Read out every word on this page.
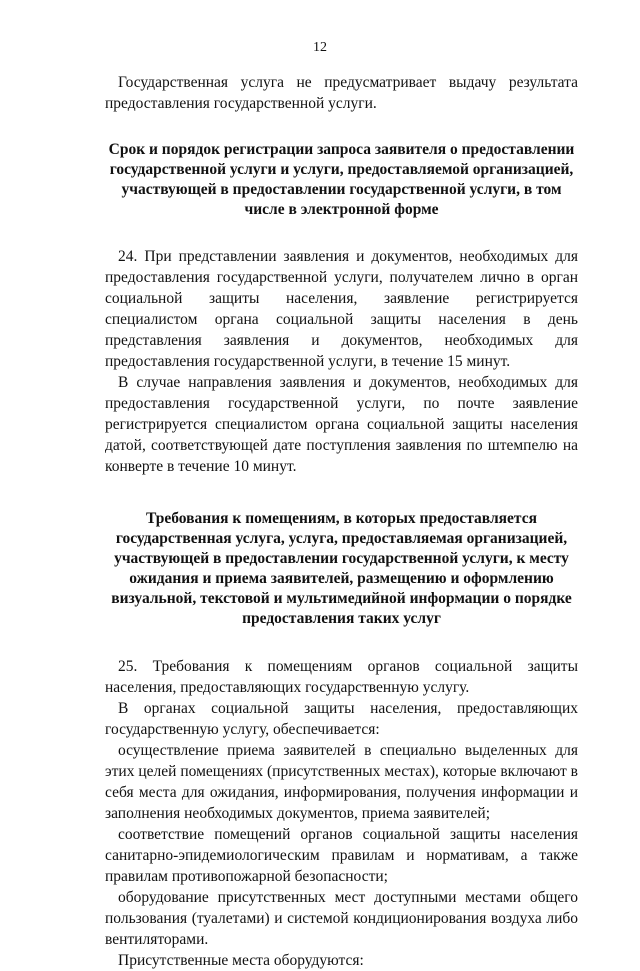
12

Государственная услуга не предусматривает выдачу результата предоставления государственной услуги.

Срок и порядок регистрации запроса заявителя о предоставлении государственной услуги и услуги, предоставляемой организацией, участвующей в предоставлении государственной услуги, в том числе в электронной форме

24. При представлении заявления и документов, необходимых для предоставления государственной услуги, получателем лично в орган социальной защиты населения, заявление регистрируется специалистом органа социальной защиты населения в день представления заявления и документов, необходимых для предоставления государственной услуги, в течение 15 минут.

В случае направления заявления и документов, необходимых для предоставления государственной услуги, по почте заявление регистрируется специалистом органа социальной защиты населения датой, соответствующей дате поступления заявления по штемпелю на конверте в течение 10 минут.

Требования к помещениям, в которых предоставляется государственная услуга, услуга, предоставляемая организацией, участвующей в предоставлении государственной услуги, к месту ожидания и приема заявителей, размещению и оформлению визуальной, текстовой и мультимедийной информации о порядке предоставления таких услуг

25. Требования к помещениям органов социальной защиты населения, предоставляющих государственную услугу.

В органах социальной защиты населения, предоставляющих государственную услугу, обеспечивается:

осуществление приема заявителей в специально выделенных для этих целей помещениях (присутственных местах), которые включают в себя места для ожидания, информирования, получения информации и заполнения необходимых документов, приема заявителей;

соответствие помещений органов социальной защиты населения санитарно-эпидемиологическим правилам и нормативам, а также правилам противопожарной безопасности;

оборудование присутственных мест доступными местами общего пользования (туалетами) и системой кондиционирования воздуха либо вентиляторами.

Присутственные места оборудуются:
